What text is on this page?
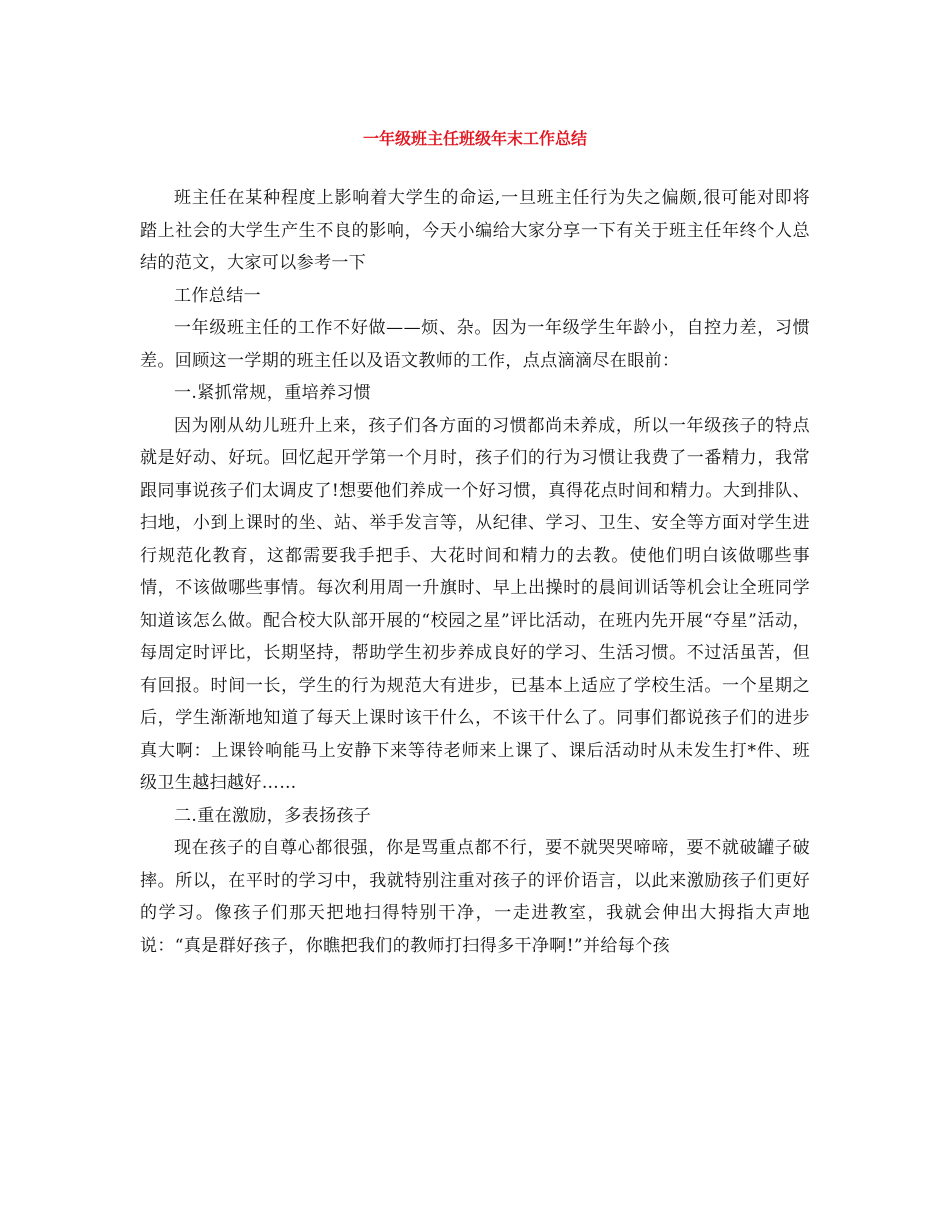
一年级班主任班级年末工作总结

班主任在某种程度上影响着大学生的命运,一旦班主任行为失之偏颇,很可能对即将踏上社会的大学生产生不良的影响，今天小编给大家分享一下有关于班主任年终个人总结的范文，大家可以参考一下

工作总结一

一年级班主任的工作不好做——烦、杂。因为一年级学生年龄小，自控力差，习惯差。回顾这一学期的班主任以及语文教师的工作，点点滴滴尽在眼前：

一.紧抓常规，重培养习惯

因为刚从幼儿班升上来，孩子们各方面的习惯都尚未养成，所以一年级孩子的特点就是好动、好玩。回忆起开学第一个月时，孩子们的行为习惯让我费了一番精力，我常跟同事说孩子们太调皮了!想要他们养成一个好习惯，真得花点时间和精力。大到排队、扫地，小到上课时的坐、站、举手发言等，从纪律、学习、卫生、安全等方面对学生进行规范化教育，这都需要我手把手、大花时间和精力的去教。使他们明白该做哪些事情，不该做哪些事情。每次利用周一升旗时、早上出操时的晨间训话等机会让全班同学知道该怎么做。配合校大队部开展的“校园之星”评比活动，在班内先开展“夺星”活动，每周定时评比，长期坚持，帮助学生初步养成良好的学习、生活习惯。不过活虽苦，但有回报。时间一长，学生的行为规范大有进步，已基本上适应了学校生活。一个星期之后，学生渐渐地知道了每天上课时该干什么，不该干什么了。同事们都说孩子们的进步真大啊：上课铃响能马上安静下来等待老师来上课了、课后活动时从未发生打*件、班级卫生越扫越好……

二.重在激励，多表扬孩子

现在孩子的自尊心都很强，你是骂重点都不行，要不就哭哭啼啼，要不就破罐子破摔。所以，在平时的学习中，我就特别注重对孩子的评价语言，以此来激励孩子们更好的学习。像孩子们那天把地扫得特别干净，一走进教室，我就会伸出大拇指大声地说：“真是群好孩子，你瞧把我们的教师打扫得多干净啊!”并给每个孩
